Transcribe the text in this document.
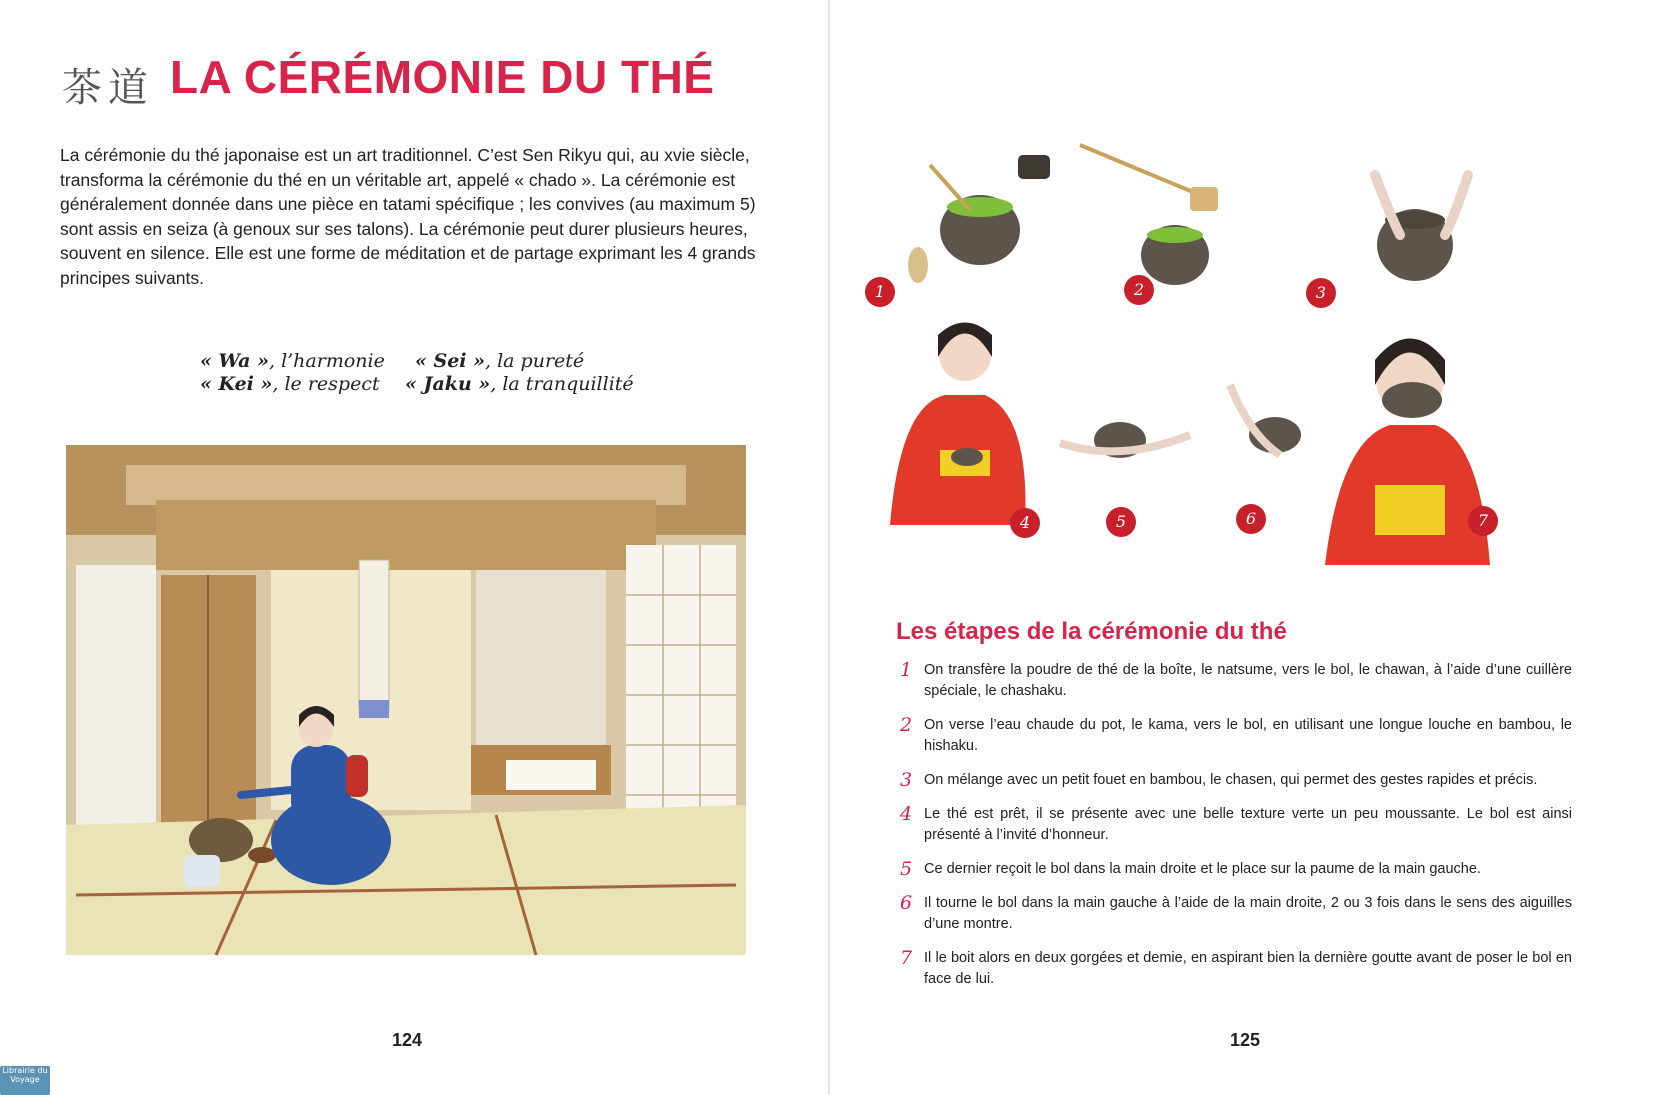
茶道 LA CÉRÉMONIE DU THÉ

La cérémonie du thé japonaise est un art traditionnel. C’est Sen Rikyu qui, au xvie siècle, transforma la cérémonie du thé en un véritable art, appelé « chado ». La cérémonie est généralement donnée dans une pièce en tatami spécifique ; les convives (au maximum 5) sont assis en seiza (à genoux sur ses talons). La cérémonie peut durer plusieurs heures, souvent en silence. Elle est une forme de méditation et de partage exprimant les 4 grands principes suivants.

« Wa », l’harmonie « Sei », la pureté
« Kei », le respect « Jaku », la tranquillité
124
1	2	3
4	5	6	7
Les étapes de la cérémonie du thé
1 On transfère la poudre de thé de la boîte, le natsume, vers le bol, le chawan, à l’aide d’une cuillère spéciale, le chashaku.
2 On verse l’eau chaude du pot, le kama, vers le bol, en utilisant une longue louche en bambou, le hishaku.
3 On mélange avec un petit fouet en bambou, le chasen, qui permet des gestes rapides et précis.
4 Le thé est prêt, il se présente avec une belle texture verte un peu moussante. Le bol est ainsi présenté à l’invité d’honneur.
5 Ce dernier reçoit le bol dans la main droite et le place sur la paume de la main gauche.
6 Il tourne le bol dans la main gauche à l’aide de la main droite, 2 ou 3 fois dans le sens des aiguilles d’une montre.
7 Il le boit alors en deux gorgées et demie, en aspirant bien la dernière goutte avant de poser le bol en face de lui.
125
Librairie du Voyage
